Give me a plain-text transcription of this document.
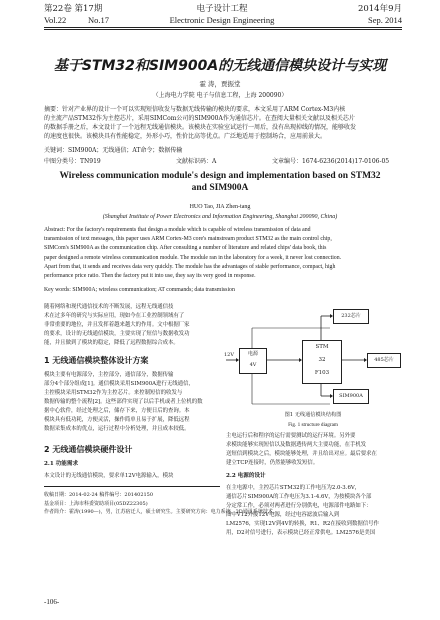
第22卷 第17期	电子设计工程	2014年9月
Vol.22	No.17	Electronic Design Engineering	Sep. 2014
基于STM32和SIM900A的无线通信模块设计与实现
霍 涛，贾振堂
（上海电力学院 电子与信息工程，上海 200090）
摘要：针对产业界的设计一个可以实现短信收发与数据无线传输的模块的要求，本文采用了ARM Cortex-M3内核
的主流产品STM32作为主控芯片，采用SIMCom公司的SIM900A作为通信芯片。在查阅大量相关文献以及相关芯片
的数据手册之后，本文设计了一个远程无线通信模块。该模块在实验室试运行一周后，没有出现掉线的情况，能够收发
的速度也很快。该模块具有性能稳定，外形小巧，性价比高等优点。广泛地适用于控制场合，应用前景大。
关键词：SIM900A；无线通信；AT命令；数据传输
中图分类号：TN919	文献标识码：A	文章编号：1674-6236(2014)17-0106-05
Wireless communication module's design and implementation based on STM32
and SIM900A
HUO Tao, JIA Zhen-tang
(Shanghai Institute of Power Electronics and Information Engineering, Shanghai 200090, China)
Abstract: For the factory's requirements that design a module which is capable of wireless transmission of data and
transmission of text messages, this paper uses ARM Cortex-M3 core's mainstream product STM32 as the main control chip,
SIMCom's SIM900A as the communication chip. After consulting a number of literature and related chips' data book, this
paper designed a remote wireless communication module. The module ran in the laboratory for a week, it never lost connection.
Apart from that, it sends and receives data very quickly. The module has the advantages of stable performance, compact, high
performance price ratio. Then the factory put it into use, they say its very good in response.
Key words: SIM900A; wireless communication; AT commands; data transmission
随着网络和现代通信技术的不断发展，远程无线通信技
术在过多年的研究与实际应用，现如今在工业控制领域有了
非常重要的地位，并且发挥着越来越大的作用。文中根据厂家
的要求，设计的无线通信模块，主要实现了短信与数据收发功
能，并且做到了模块的稳定，降低了远程数据综合成本。
1 无线通信模块整体设计方案
模块主要有电源部分，主控部分，通信部分，数据传输
部分4个部分组成[1]。通信模块采用SIM900A进行无线通信，
主控模块采用STM32作为主控芯片。来控制短信的收发与
数据传输的整个流程[2]。这些部件实现了以后手机或者上位机的数
据中心软件，经过处理之后，储存下来，方便日后的查询。本
模块具有低功耗，方便灵活，操作简单且易于扩展，降低远程
数据采集成本的优点，运行过程中分析处理，并且成本较低。
2 无线通信模块硬件设计
2.1 功能需求
本文设计的无线通信模块，要求单12V电源输入，模块
收稿日期：2014-02-24 稿件编号：201402150
基金项目：上海市科委资助项目(05DZ22305)
作者简介：霍涛(1990—)，男，江苏宿迁人，硕士研究生。主要研究方向：电力系统、3D通讯系统技术。
-106-
12V	电源
4V
STM
32
F103
232芯片
485芯片
SIM900A
图1 无线通信模块结构图
Fig. 1 structure diagram
主电运行后和程序的运行需要测试的运行环境。另外要
求模块能够实现短信以及数据透传两大主要功能，在手机发
送短信到模块之后，模块能够处理，并且给出对应。最后要求在
建立TCP连接时，仍然能够收发短信。
2.2 电源的设计
在主电源中，主控芯片STM32的工作电压为2.0-3.6V，
通信芯片SIM900A的工作电压为3.1-4.6V，为按模块各个部
分定常工作，必须对两者进行分别供电，电源部件电路如下：
图中V12外接12V电源，经过电容滤波后输入到
LM2576，实现12V到4V的转换，R1、R2在接收到数据信号作
用，D2对信号进行，表示模块已经正常供电。LM2576是美国
